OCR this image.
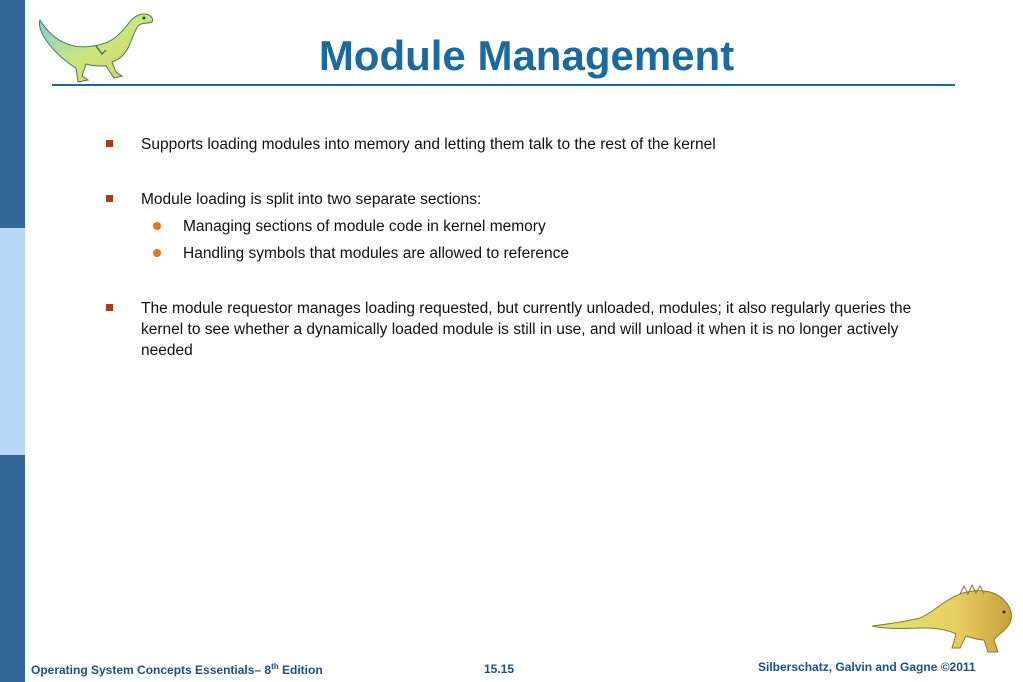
Module Management
Supports loading modules into memory and letting them talk to the rest of the kernel
Module loading is split into two separate sections:
Managing sections of module code in kernel memory
Handling symbols that modules are allowed to reference
The module requestor manages loading requested, but currently unloaded, modules; it also regularly queries the kernel to see whether a dynamically loaded module is still in use, and will unload it when it is no longer actively needed
Operating System Concepts Essentials– 8th Edition	15.15	Silberschatz, Galvin and Gagne ©2011
